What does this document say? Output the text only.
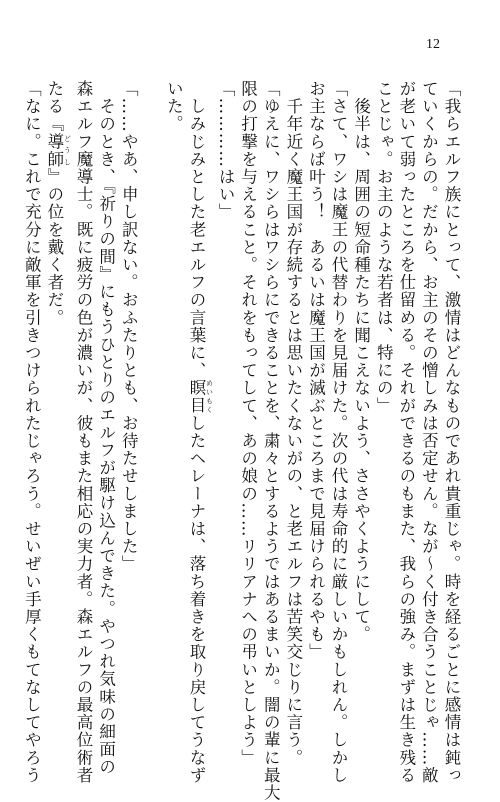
12
「我らエルフ族にとって、激情はどんなものであれ貴重じゃ。時を経るごとに感情は鈍っ
ていくからの。だから、お主のその憎しみは否定せん。なが～く付き合うことじゃ……敵
が老いて弱ったところを仕留める。それができるのもまた、我らの強み。まずは生き残る
ことじゃ。お主のような若者は、特にの」
　後半は、周囲の短命種たちに聞こえないよう、ささやくようにして。
「さて、ワシは魔王の代替わりを見届けた。次の代は寿命的に厳しいかもしれん。しかし
お主ならば叶う！　あるいは魔王国が滅ぶところまで見届けられるやも」
　千年近く魔王国が存続するとは思いたくないがの、と老エルフは苦笑交じりに言う。
「ゆえに、ワシらはワシらにできることを、粛々とするようではあるまいか。闇の輩に最大
限の打撃を与えること。それをもってして、あの娘の……リリアナへの弔いとしよう」
「…………はい」
　しみじみとした老エルフの言葉に、瞑目 めいもくしたヘレーナは、落ち着きを取り戻してうなず
いた。
「……やあ、申し訳ない。おふたりとも、お待たせしました」
　そのとき、『祈りの間』にもうひとりのエルフが駆け込んできた。やつれ気味の細面の
森エルフ魔導士。既に疲労の色が濃いが、彼もまた相応の実力者。森エルフの最高位術者
たる『導師 どうし』の位を戴く者だ。
「なに。これで充分に敵軍を引きつけられたじゃろう。せいぜい手厚くもてなしてやろう
